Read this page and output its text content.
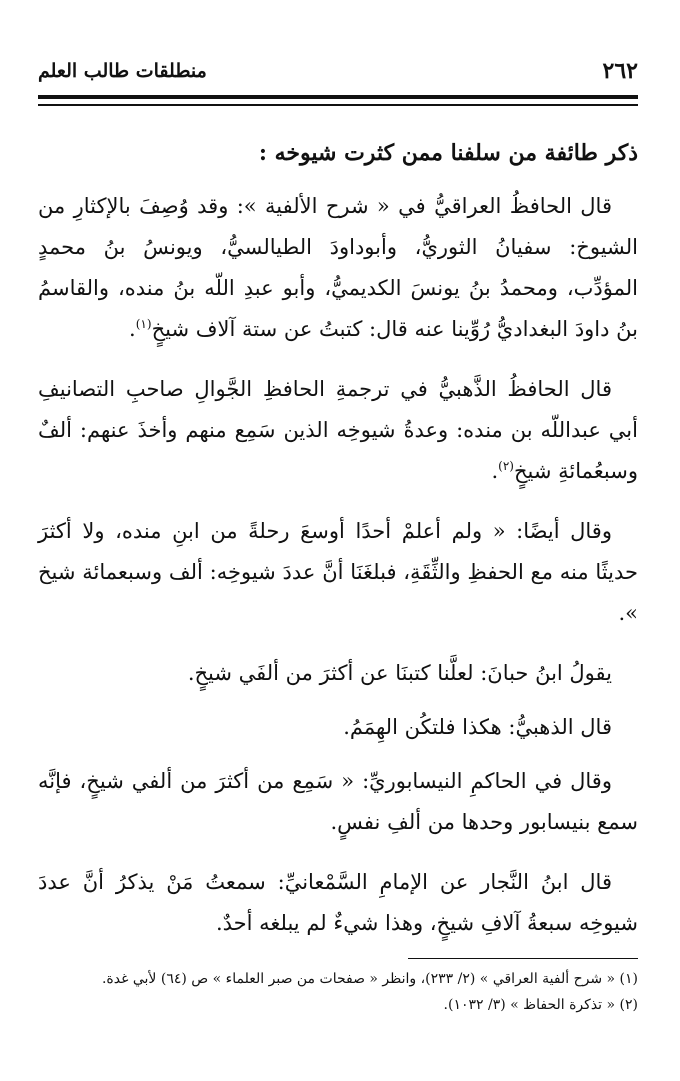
منطلقات طالب العلم	٢٦٢
ذكر طائفة من سلفنا ممن كثرت شيوخه :

قال الحافظُ العراقيُّ في « شرح الألفية »: وقد وُصِفَ بالإكثارِ من الشيوخ: سفيانُ الثوريُّ، وأبوداودَ الطيالسيُّ، ويونسُ بنُ محمدٍ المؤدِّب، ومحمدُ بنُ يونسَ الكديميُّ، وأبو عبدِ اللّه بنُ منده، والقاسمُ بنُ داودَ البغداديُّ رُوِّينا عنه قال: كتبتُ عن ستة آلاف شيخٍ$^{(١)}$.

قال الحافظُ الذَّهبيُّ في ترجمةِ الحافظِ الجَّوالِ صاحبِ التصانيفِ أبي عبداللّه بن منده: وعدةُ شيوخِه الذين سَمِع منهم وأخذَ عنهم: ألفٌ وسبعُمائةِ شيخٍ$^{(٢)}$.

وقال أيضًا: « ولم أعلمْ أحدًا أوسعَ رحلةً من ابنِ منده، ولا أكثرَ حديثًا منه مع الحفظِ والثِّقَةِ، فبلغَنَا أنَّ عددَ شيوخِه: ألف وسبعمائة شيخ ».

يقولُ ابنُ حبانَ: لعلَّنا كتبنَا عن أكثرَ من ألفَي شيخٍ.

قال الذهبيُّ: هكذا فلتكُن الهِمَمُ.

وقال في الحاكمِ النيسابوريِّ: « سَمِع من أكثرَ من ألفي شيخٍ، فإنَّه سمع بنيسابور وحدها من ألفِ نفسٍ.

قال ابنُ النَّجار عن الإمامِ السَّمْعانيِّ: سمعتُ مَنْ يذكرُ أنَّ عددَ شيوخِه سبعةُ آلافِ شيخٍ، وهذا شيءٌ لم يبلغه أحدٌ.

(١) « شرح ألفية العراقي » (٢/ ٢٣٣)، وانظر « صفحات من صبر العلماء » ص (٦٤) لأبي غدة.
(٢) « تذكرة الحفاظ » (٣/ ١٠٣٢).
